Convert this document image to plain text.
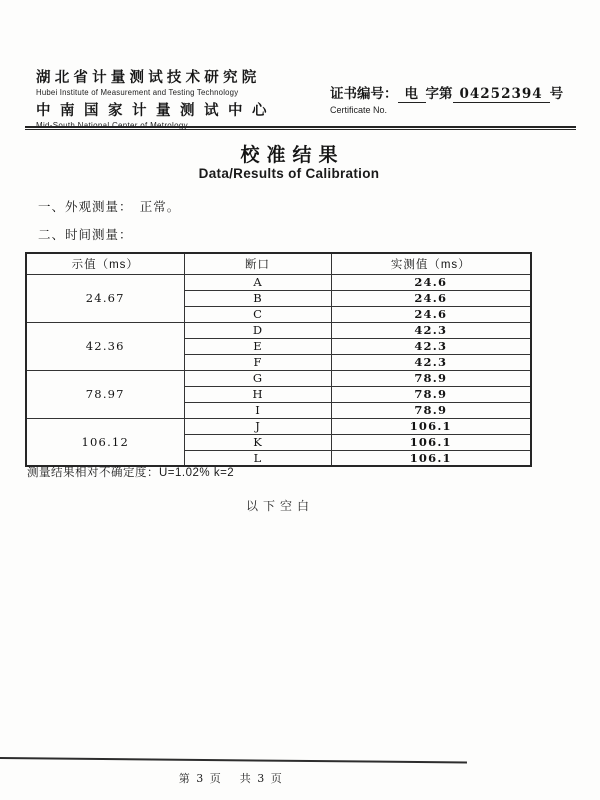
湖北省计量测试技术研究院
Hubei Institute of Measurement and Testing Technology
中南国家计量测试中心
Mid-South National Center of Metrology
证书编号： 电 字第 04252394 号
Certificate No.
校准结果
Data/Results of Calibration
一、外观测量：　正常。
二、时间测量：
示值（ms）	断口	实测值（ms）
24.67	A	24.6
	B	24.6
	C	24.6
42.36	D	42.3
	E	42.3
	F	42.3
78.97	G	78.9
	H	78.9
	I	78.9
106.12	J	106.1
	K	106.1
	L	106.1
测量结果相对不确定度：U=1.02% k=2
以下空白
第 3 页　 共 3 页
